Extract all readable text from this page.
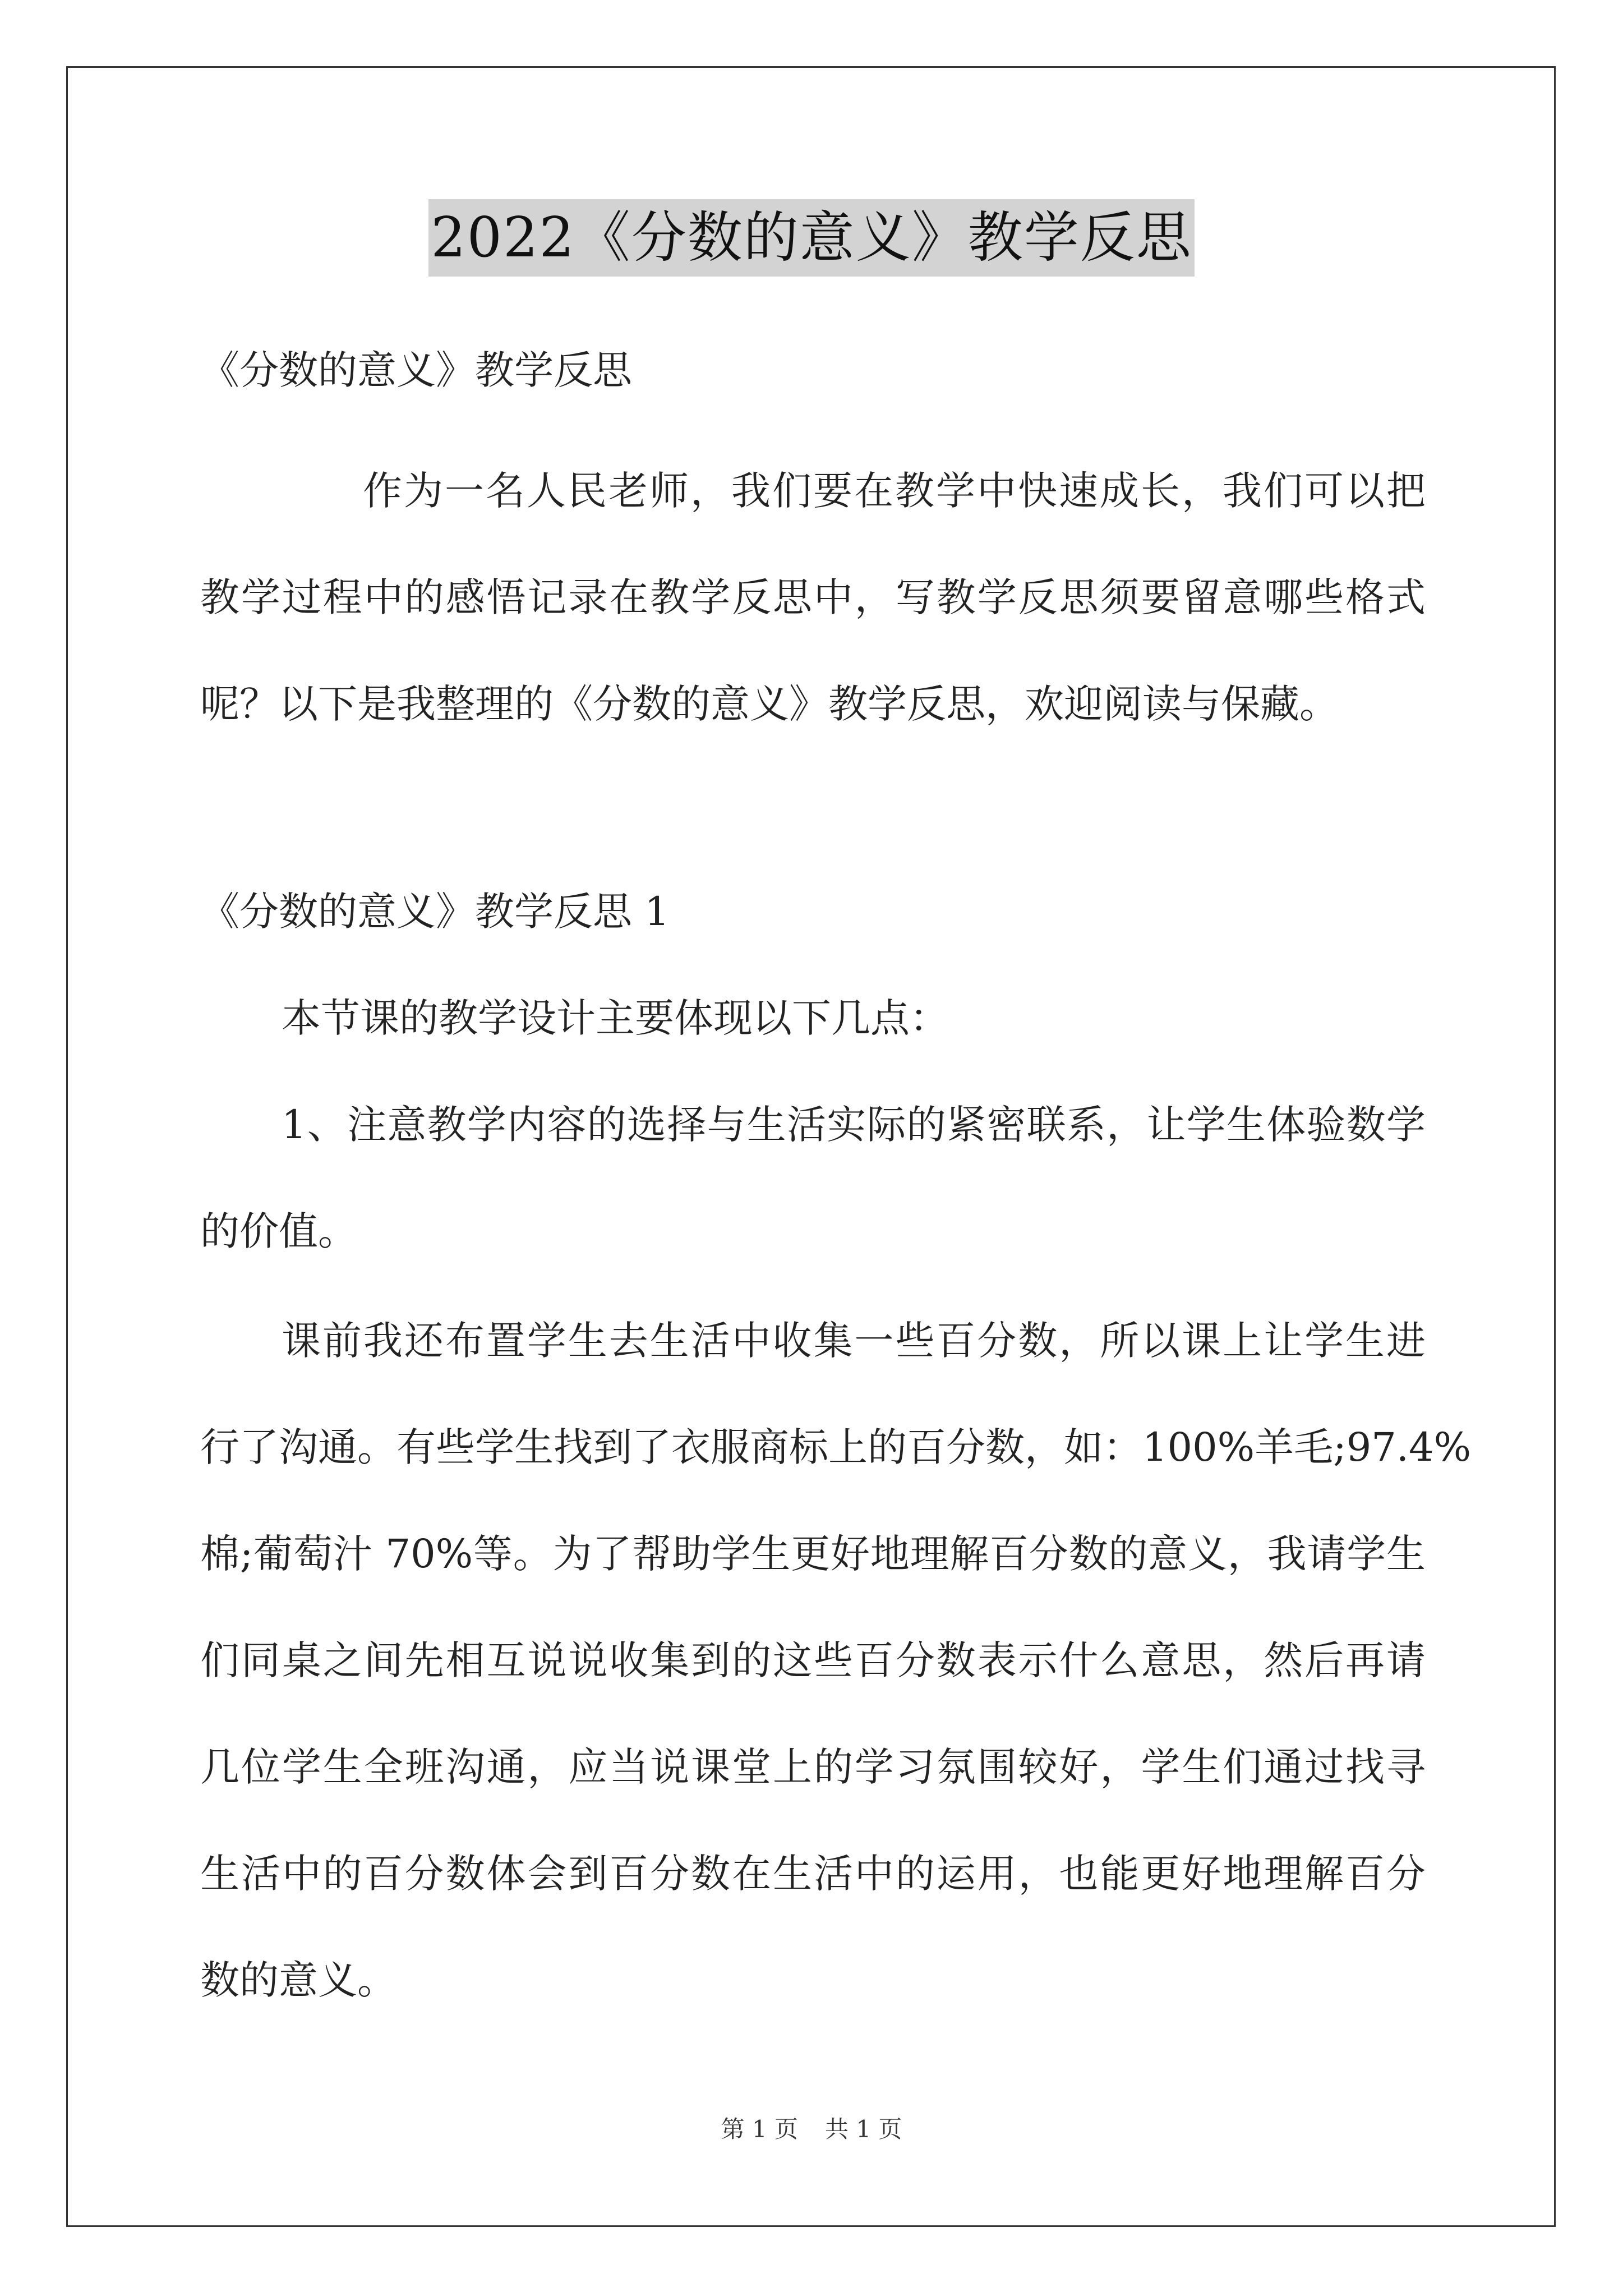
2022《分数的意义》教学反思
《分数的意义》教学反思
作为一名人民老师，我们要在教学中快速成长，我们可以把
教学过程中的感悟记录在教学反思中，写教学反思须要留意哪些格式
呢？以下是我整理的《分数的意义》教学反思，欢迎阅读与保藏。
《分数的意义》教学反思 1
本节课的教学设计主要体现以下几点：
1、注意教学内容的选择与生活实际的紧密联系，让学生体验数学
的价值。
课前我还布置学生去生活中收集一些百分数，所以课上让学生进
行了沟通。有些学生找到了衣服商标上的百分数，如：100%羊毛;97.4%
棉;葡萄汁 70%等。为了帮助学生更好地理解百分数的意义，我请学生
们同桌之间先相互说说收集到的这些百分数表示什么意思，然后再请
几位学生全班沟通，应当说课堂上的学习氛围较好，学生们通过找寻
生活中的百分数体会到百分数在生活中的运用，也能更好地理解百分
数的意义。
第 1 页 共 1 页
